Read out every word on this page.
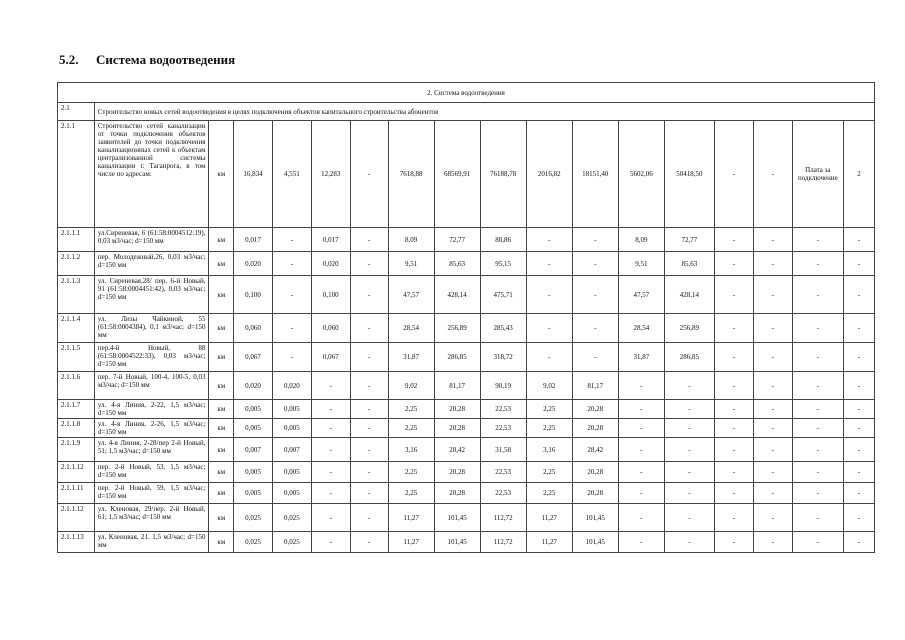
5.2. Система водоотведения
2. Система водоотведения																	
2.1	Строительство новых сетей водоотведения в целях подключения объектов капитального строительства абонентов																
2.1.1	Строительство сетей канализации от точки подключения объектов заявителей до точки подключения канализационных сетей к объектам централизованной системы канализации г. Таганрога, в том числе по адресам:	км	16,834	4,551	12,283	-	7618,88	68569,91	76188,78	2016,82	18151,40	5602,06	50418,50	-	-	Плата за подключение	2
2.1.1.1	ул.Сиреневая, 6 (61:58:0004512:19), 0,03 м3/час; d=150 мм	км	0,017	-	0,017	-	8,09	72,77	80,86	-	-	8,09	72,77	-	-	-	-
2.1.1.2	пер. Молодежный,26, 0,03 м3/час; d=150 мм	км	0,020	-	0,020	-	9,51	85,63	95,15	-	-	9,51	85,63	-	-	-	-
2.1.1.3	ул. Сиреневая,28/ пер. 6-й Новый, 91 (61:58:0004451:42), 0,03 м3/час; d=150 мм	км	0,100	-	0,100	-	47,57	428,14	475,71	-	-	47,57	428,14	-	-	-	-
2.1.1.4	ул. Лизы Чайкиной, 55 (61:58:0004384), 0,1 м3/час; d=150 мм	км	0,060	-	0,060	-	28,54	256,89	285,43	-	-	28,54	256,89	-	-	-	-
2.1.1.5	пер.4-й Новый, 88 (61:58:0004522:33), 0,03 м3/час; d=150 мм	км	0,067	-	0,067	-	31,87	286,85	318,72	-	-	31,87	286,85	-	-	-	-
2.1.1.6	пер. 7-й Новый, 100-4, 100-5, 0,03 м3/час; d=150 мм	км	0,020	0,020	-	-	9,02	81,17	90,19	9,02	81,17	-	-	-	-	-	-
2.1.1.7	ул. 4-я Линия, 2-22, 1,5 м3/час; d=150 мм	км	0,005	0,005	-	-	2,25	20,28	22,53	2,25	20,28	-	-	-	-	-	-
2.1.1.8	ул. 4-я Линия, 2-26, 1,5 м3/час; d=150 мм	км	0,005	0,005	-	-	2,25	20,28	22,53	2,25	20,28	-	-	-	-	-	-
2.1.1.9	ул. 4-я Линия, 2-28/пер 2-й Новый, 51; 1,5 м3/час; d=150 мм	км	0,007	0,007	-	-	3,16	28,42	31,58	3,16	28,42	-	-	-	-	-	-
2.1.1.12	пер. 2-й Новый, 53, 1,5 м3/час; d=150 мм	км	0,005	0,005	-	-	2,25	20,28	22,53	2,25	20,28	-	-	-	-	-	-
2.1.1.11	пер. 2-й Новый, 59, 1,5 м3/час; d=150 мм	км	0,005	0,005	-	-	2,25	20,28	22,53	2,25	20,28	-	-	-	-	-	-
2.1.1.12	ул. Кленовая, 29/пер. 2-й Новый, 61; 1,5 м3/час; d=150 мм	км	0,025	0,025	-	-	11,27	101,45	112,72	11,27	101,45	-	-	-	-	-	-
2.1.1.13	ул. Кленовая, 21. 1,5 м3/час; d=150 мм	км	0,025	0,025	-	-	11,27	101,45	112,72	11,27	101,45	-	-	-	-	-	-
